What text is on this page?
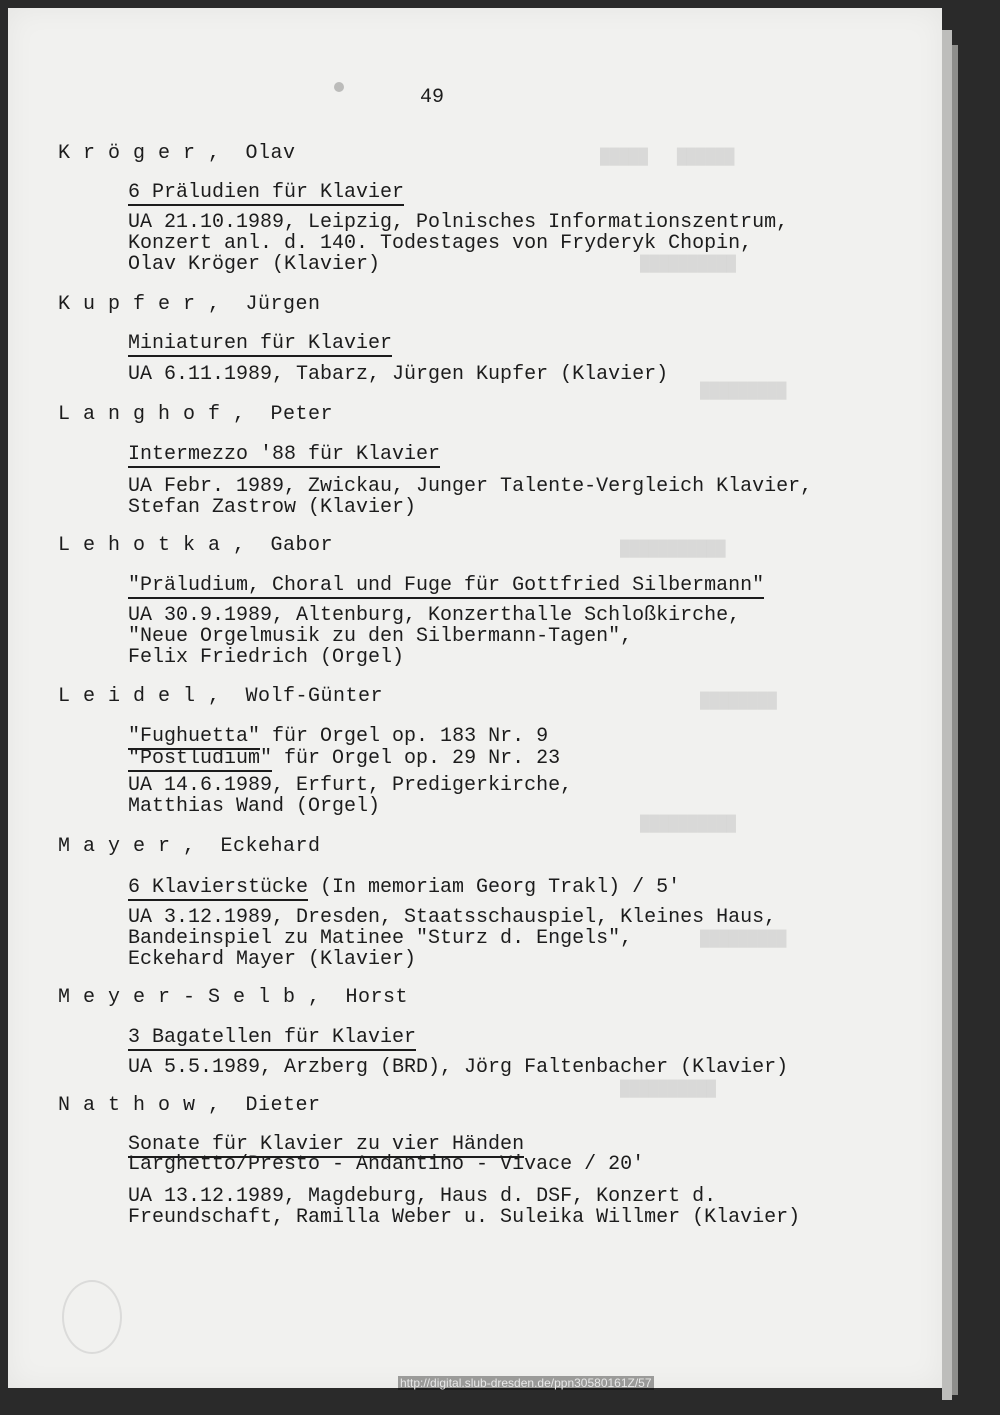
█████   ██████
██████████
█████████
███████████
████████
██████████
█████████
██████████
49
K r ö g e r ,  Olav
6 Präludien für Klavier
UA 21.10.1989, Leipzig, Polnisches Informationszentrum,
Konzert anl. d. 140. Todestages von Fryderyk Chopin,
Olav Kröger (Klavier)
K u p f e r ,  Jürgen
Miniaturen für Klavier
UA 6.11.1989, Tabarz, Jürgen Kupfer (Klavier)
L a n g h o f ,  Peter
Intermezzo '88 für Klavier
UA Febr. 1989, Zwickau, Junger Talente-Vergleich Klavier,
Stefan Zastrow (Klavier)
L e h o t k a ,  Gabor
"Präludium, Choral und Fuge für Gottfried Silbermann"
UA 30.9.1989, Altenburg, Konzerthalle Schloßkirche,
"Neue Orgelmusik zu den Silbermann-Tagen",
Felix Friedrich (Orgel)
L e i d e l ,  Wolf-Günter
"Fughuetta" für Orgel op. 183 Nr. 9
"Postludium" für Orgel op. 29 Nr. 23
UA 14.6.1989, Erfurt, Predigerkirche,
Matthias Wand (Orgel)
M a y e r ,  Eckehard
6 Klavierstücke (In memoriam Georg Trakl) / 5'
UA 3.12.1989, Dresden, Staatsschauspiel, Kleines Haus,
Bandeinspiel zu Matinee "Sturz d. Engels",
Eckehard Mayer (Klavier)
M e y e r - S e l b ,  Horst
3 Bagatellen für Klavier
UA 5.5.1989, Arzberg (BRD), Jörg Faltenbacher (Klavier)
N a t h o w ,  Dieter
Sonate für Klavier zu vier Händen
Larghetto/Presto - Andantino - Vivace / 20'
UA 13.12.1989, Magdeburg, Haus d. DSF, Konzert d.
Freundschaft, Ramilla Weber u. Suleika Willmer (Klavier)
http://digital.slub-dresden.de/ppn30580161Z/57
